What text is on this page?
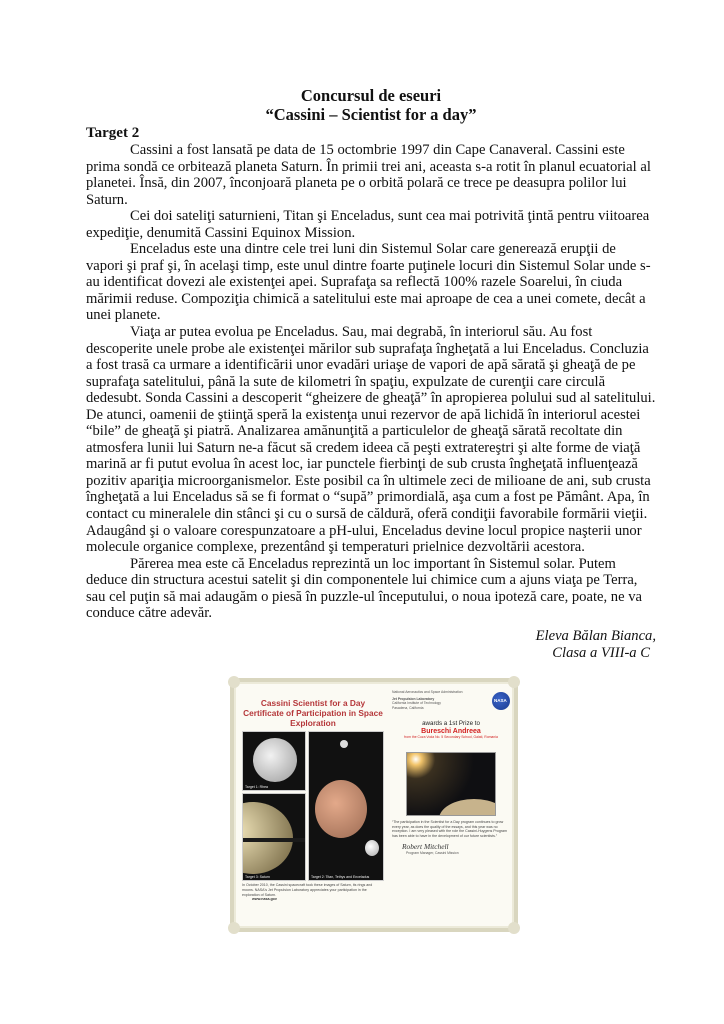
Concursul de eseuri
“Cassini – Scientist for a day”
Target 2

Cassini a fost lansată pe data de 15 octombrie 1997 din Cape Canaveral. Cassini este prima sondă ce orbitează planeta Saturn. În primii trei ani, aceasta s-a rotit în planul ecuatorial al planetei. Însă, din 2007, înconjoară planeta pe o orbită polară ce trece pe deasupra polilor lui Saturn.

Cei doi sateliţi saturnieni, Titan şi Enceladus, sunt cea mai potrivită ţintă pentru viitoarea expediţie, denumită Cassini Equinox Mission.

Enceladus este una dintre cele trei luni din Sistemul Solar care generează erupţii de vapori şi praf şi, în acelaşi timp, este unul dintre foarte puţinele locuri din Sistemul Solar unde s-au identificat dovezi ale existenţei apei. Suprafaţa sa reflectă 100% razele Soarelui, în ciuda mărimii reduse. Compoziţia chimică a satelitului este mai aproape de cea a unei comete, decât a unei planete.

Viaţa ar putea evolua pe Enceladus. Sau, mai degrabă, în interiorul său. Au fost descoperite unele probe ale existenţei mărilor sub suprafaţa îngheţată a lui Enceladus. Concluzia a fost trasă ca urmare a identificării unor evadări uriaşe de vapori de apă sărată şi gheaţă de pe suprafaţa satelitului, până la sute de kilometri în spaţiu, expulzate de curenţii care circulă dedesubt. Sonda Cassini a descoperit “gheizere de gheaţă” în apropierea polului sud al satelitului. De atunci, oamenii de ştiinţă speră la existenţa unui rezervor de apă lichidă în interiorul acestei “bile” de gheaţă şi piatră. Analizarea amănunţită a particulelor de gheaţă sărată recoltate din atmosfera lunii lui Saturn ne-a făcut să credem ideea că peşti extratereştri şi alte forme de viaţă marină ar fi putut evolua în acest loc, iar punctele fierbinţi de sub crusta îngheţată influenţează pozitiv apariţia microorganismelor. Este posibil ca în ultimele zeci de milioane de ani, sub crusta îngheţată a lui Enceladus să se fi format o “supă” primordială, aşa cum a fost pe Pământ. Apa, în contact cu mineralele din stânci şi cu o sursă de căldură, oferă condiţii favorabile formării vieţii. Adaugând şi o valoare corespunzatoare a pH-ului, Enceladus devine locul propice naşterii unor molecule organice complexe, prezentând şi temperaturi prielnice dezvoltării acestora.

Părerea mea este că Enceladus reprezintă un loc important în Sistemul solar. Putem deduce din structura acestui satelit şi din componentele lui chimice cum a ajuns viaţa pe Terra, sau cel puţin să mai adaugăm o piesă în puzzle-ul începutului, o noua ipoteză care, poate, ne va conduce către adevăr.

Eleva Bălan Bianca,
Clasa a VIII-a C
Cassini Scientist for a Day Certificate of Participation in Space Exploration
Target 1: Rhea
Target 3: Saturn	Target 2: Titan, Tethys and Enceladus
In October 2010, the Cassini spacecraft took these images of Saturn, its rings and moons. NASA's Jet Propulsion Laboratory appreciates your participation in the exploration of Saturn.
www.nasa.gov
NASA
National Aeronautics and Space Administration
Jet Propulsion Laboratory
California Institute of Technology
Pasadena, California
awards a 1st Prize to
Bureschi Andreea
from the Cuza Voda No. 5 Secondary School, Galati, Romania
“The participation in the Scientist for a Day program continues to grow every year, as does the quality of the essays, and this year was no exception. I am very pleased with the role the Cassini-Huygens Program has been able to have in the development of our future scientists.”
Robert Mitchell
Program Manager, Cassini Mission
